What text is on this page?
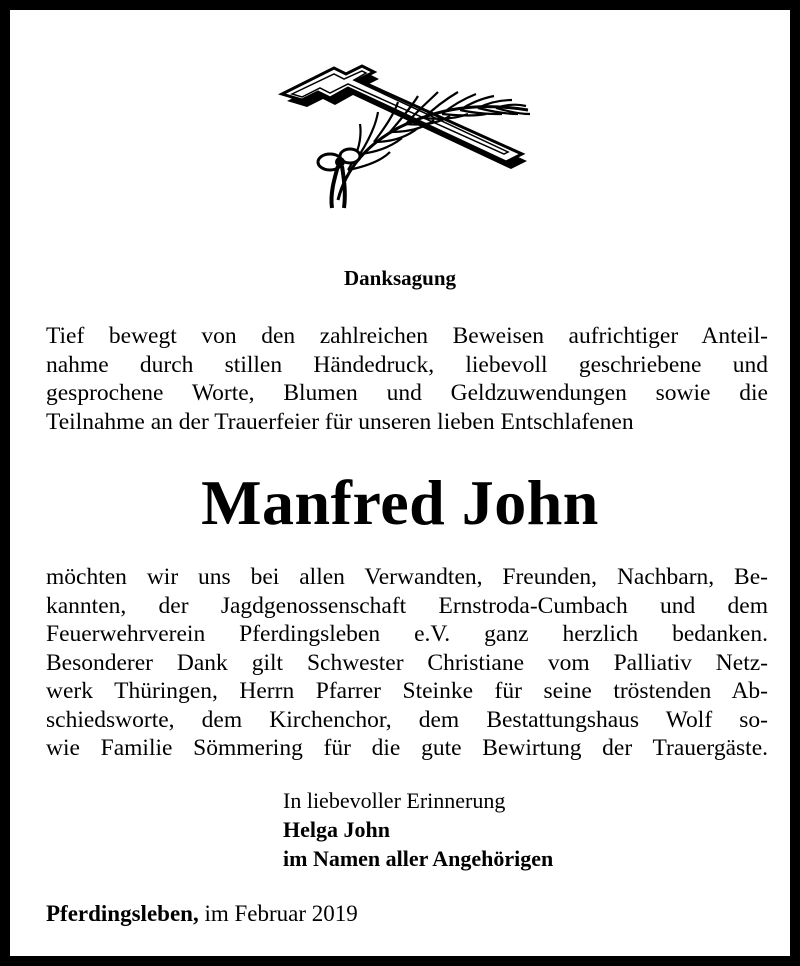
Danksagung
Tief bewegt von den zahlreichen Beweisen aufrichtiger Anteil-
nahme durch stillen Händedruck, liebevoll geschriebene und
gesprochene Worte, Blumen und Geldzuwendungen sowie die
Teilnahme an der Trauerfeier für unseren lieben Entschlafenen
Manfred John
möchten wir uns bei allen Verwandten, Freunden, Nachbarn, Be-
kannten, der Jagdgenossenschaft Ernstroda-Cumbach und dem
Feuerwehrverein Pferdingsleben e.V. ganz herzlich bedanken.
Besonderer Dank gilt Schwester Christiane vom Palliativ Netz-
werk Thüringen, Herrn Pfarrer Steinke für seine tröstenden Ab-
schiedsworte, dem Kirchenchor, dem Bestattungshaus Wolf so-
wie Familie Sömmering für die gute Bewirtung der Trauergäste.
In liebevoller Erinnerung
Helga John
im Namen aller Angehörigen
Pferdingsleben, im Februar 2019
